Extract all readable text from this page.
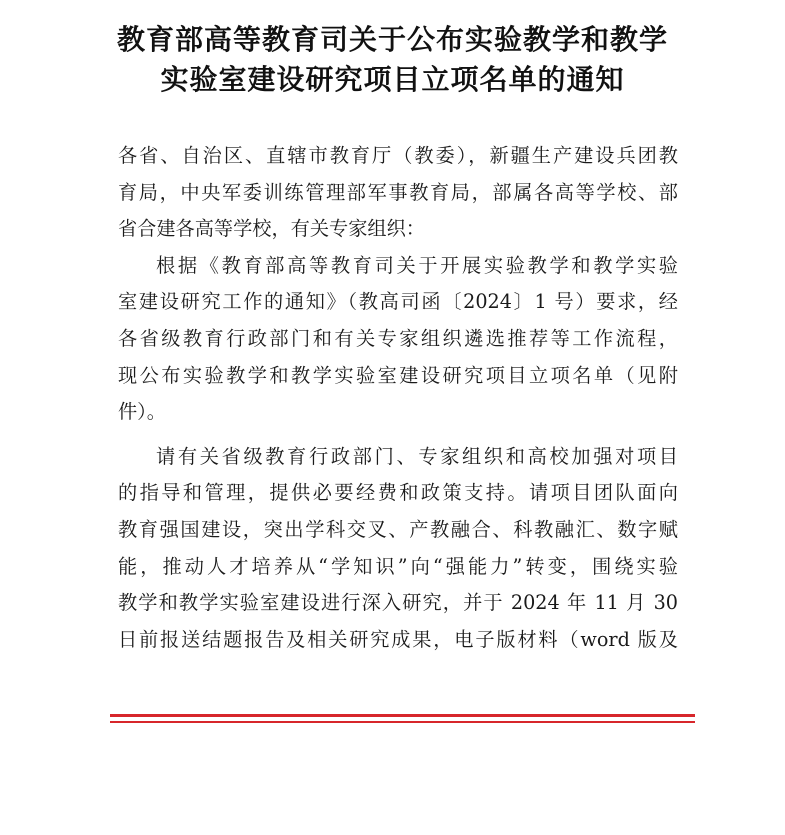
教育部高等教育司关于公布实验教学和教学
实验室建设研究项目立项名单的通知
各省、自治区、直辖市教育厅（教委），新疆生产建设兵团教
育局，中央军委训练管理部军事教育局，部属各高等学校、部
省合建各高等学校，有关专家组织：
根据《教育部高等教育司关于开展实验教学和教学实验
室建设研究工作的通知》（教高司函〔2024〕1 号）要求，经
各省级教育行政部门和有关专家组织遴选推荐等工作流程，
现公布实验教学和教学实验室建设研究项目立项名单（见附
件）。
请有关省级教育行政部门、专家组织和高校加强对项目
的指导和管理，提供必要经费和政策支持。请项目团队面向
教育强国建设，突出学科交叉、产教融合、科教融汇、数字赋
能，推动人才培养从“学知识”向“强能力”转变，围绕实验
教学和教学实验室建设进行深入研究，并于 2024 年 11 月 30
日前报送结题报告及相关研究成果，电子版材料（word 版及
